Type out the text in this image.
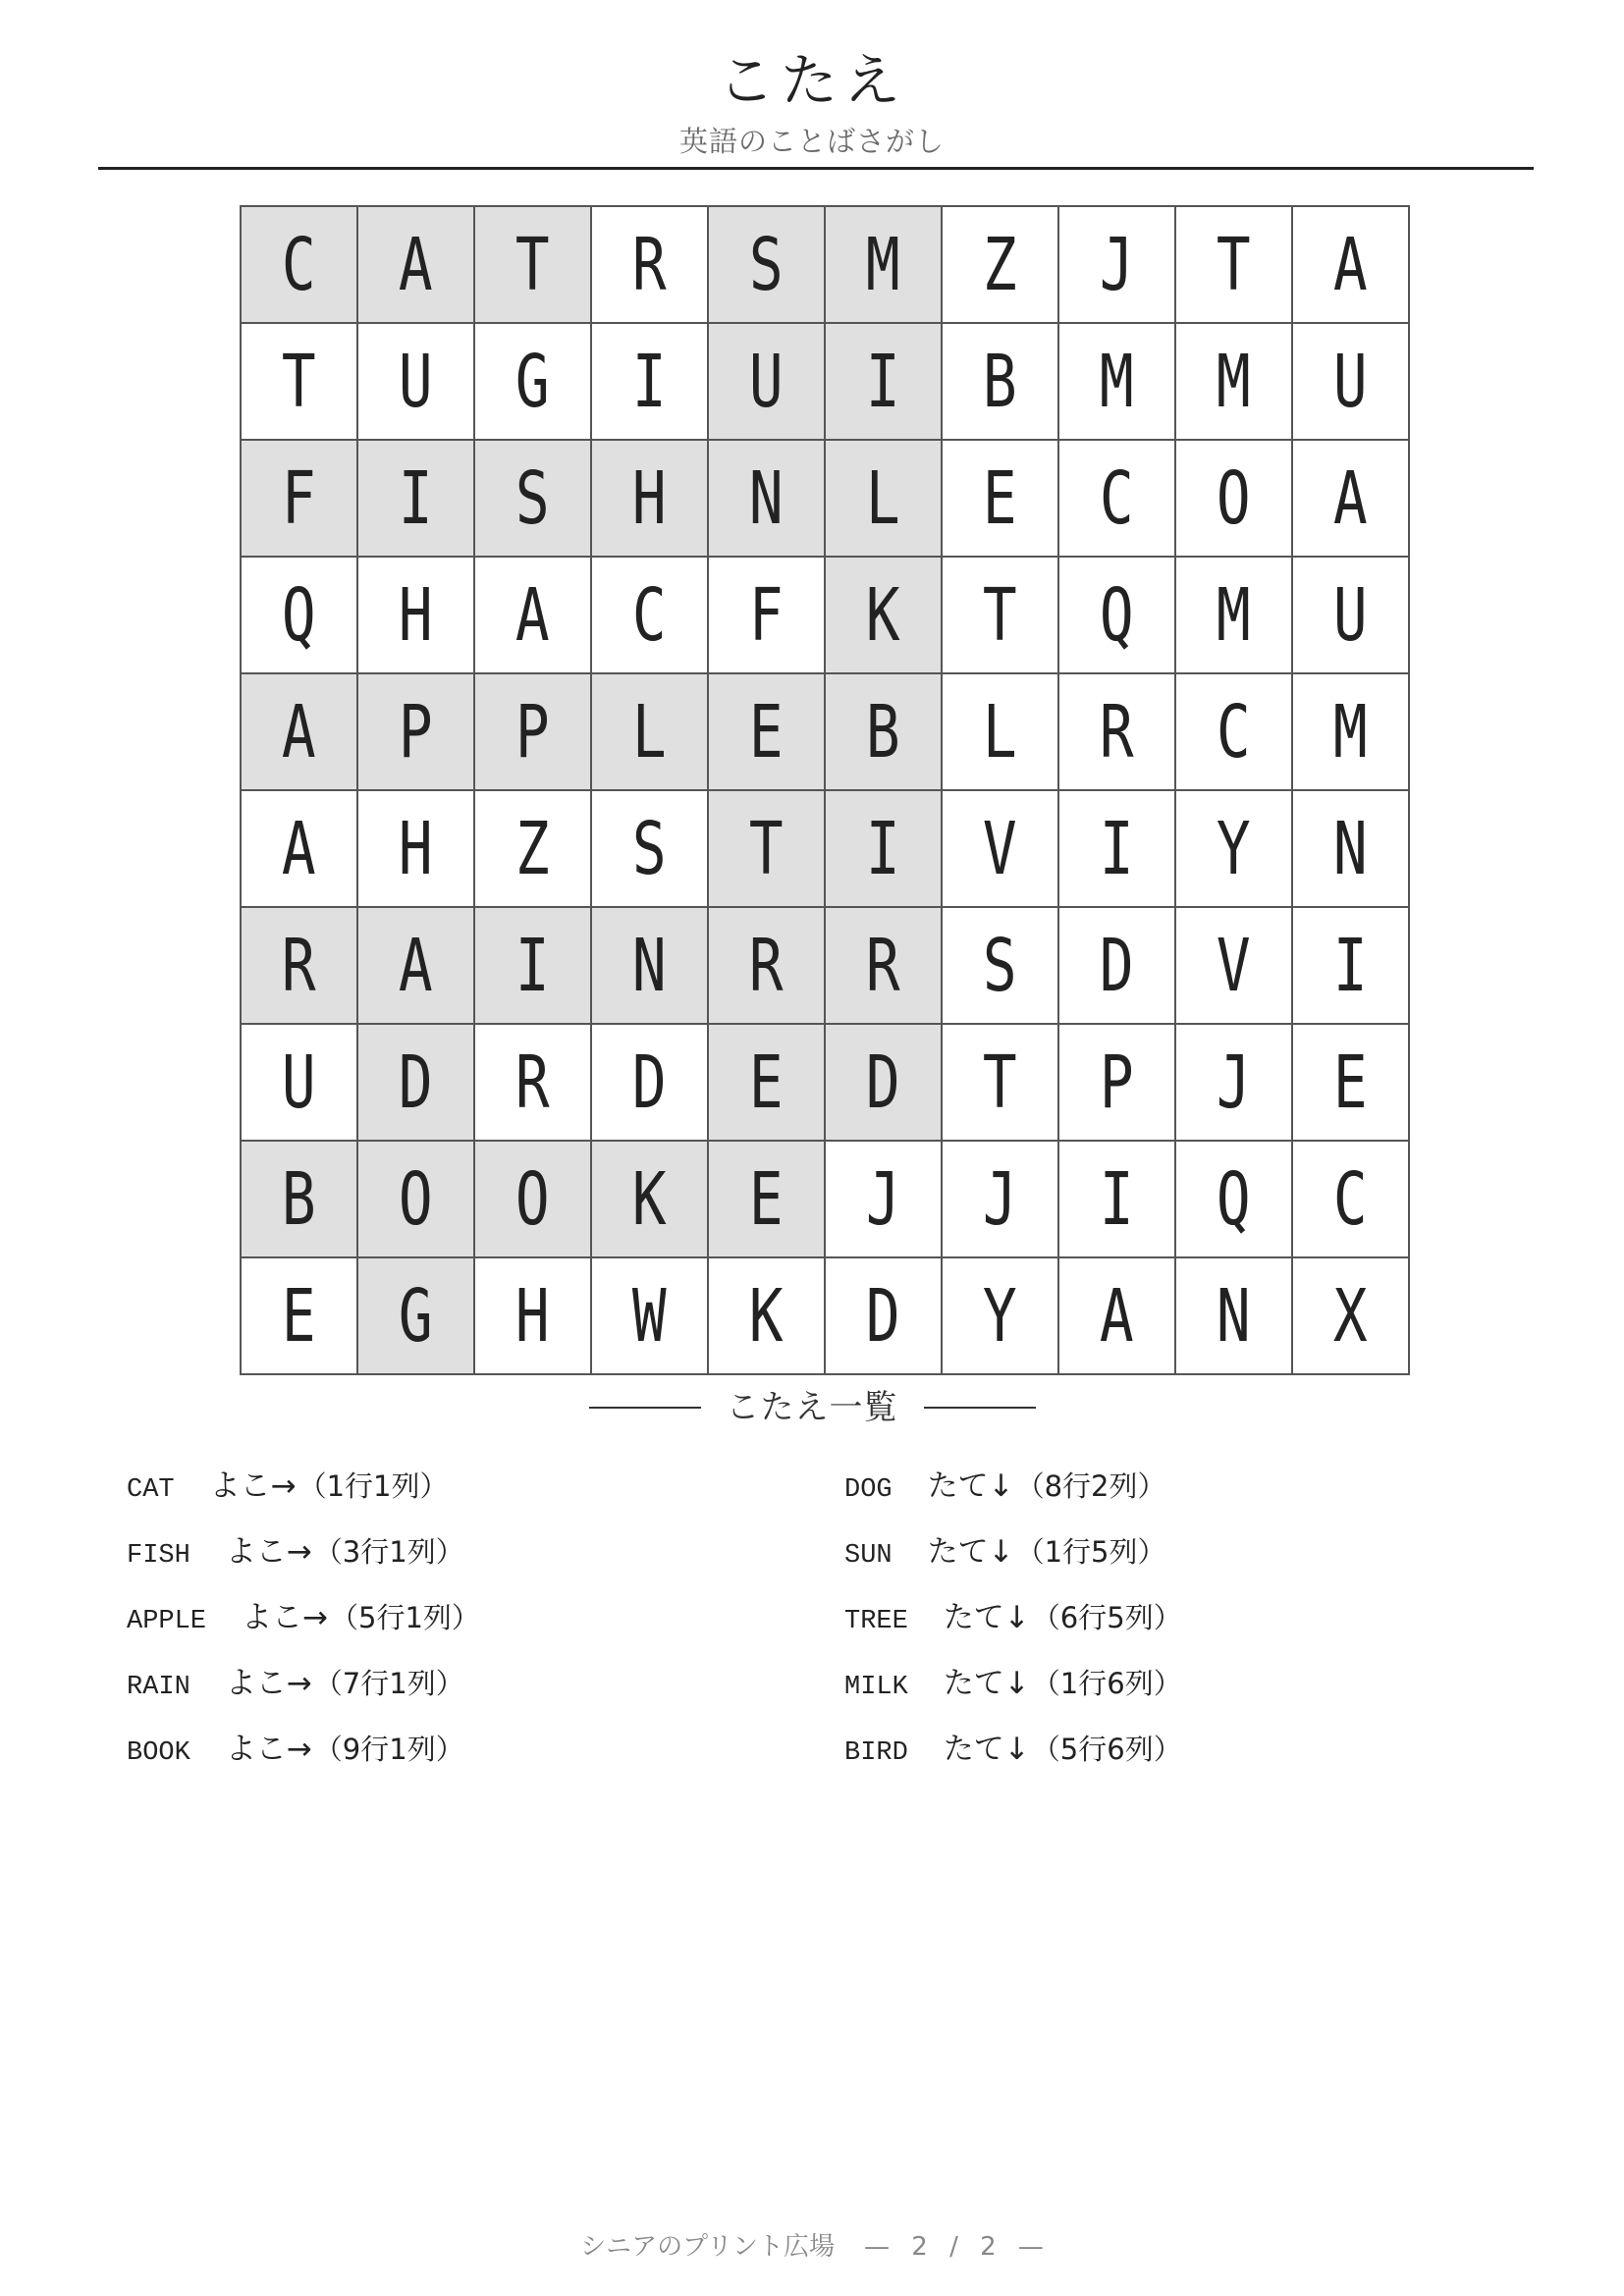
こたえ
英語のことばさがし
C	A	T	R	S	M	Z	J	T	A
T	U	G	I	U	I	B	M	M	U
F	I	S	H	N	L	E	C	O	A
Q	H	A	C	F	K	T	Q	M	U
A	P	P	L	E	B	L	R	C	M
A	H	Z	S	T	I	V	I	Y	N
R	A	I	N	R	R	S	D	V	I
U	D	R	D	E	D	T	P	J	E
B	O	O	K	E	J	J	I	Q	C
E	G	H	W	K	D	Y	A	N	X
こたえ一覧
CAT よこ→ （1行1列）
FISH よこ→ （3行1列）
APPLE よこ→ （5行1列）
RAIN よこ→ （7行1列）
BOOK よこ→ （9行1列）
DOG たて↓ （8行2列）
SUN たて↓ （1行5列）
TREE たて↓ （6行5列）
MILK たて↓ （1行6列）
BIRD たて↓ （5行6列）
シニアのプリント広場 — 2 / 2 —
